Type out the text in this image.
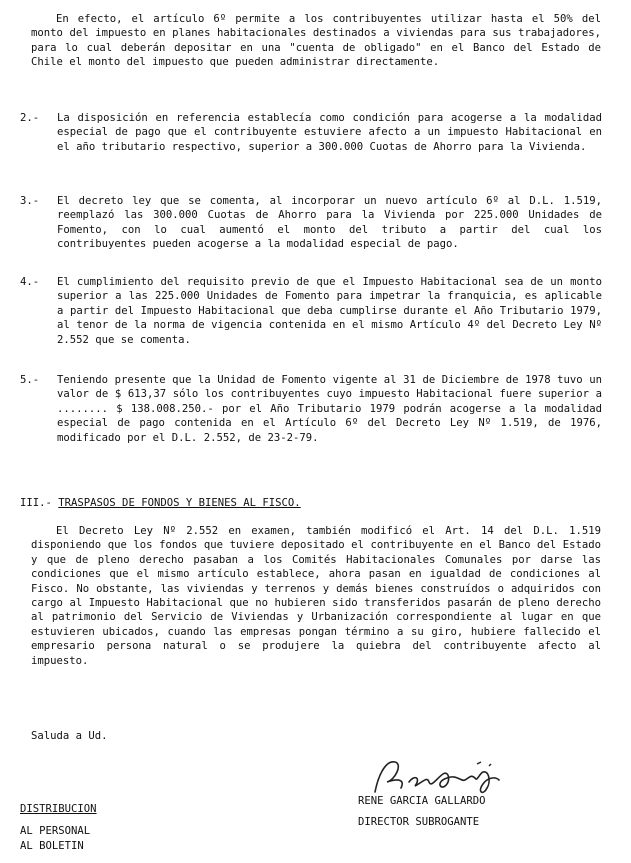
En efecto, el artículo 6º permite a los contribuyentes utilizar hasta el 50% del monto del impuesto en planes habitacionales destinados a viviendas para sus trabajadores, para lo cual deberán depositar en una "cuenta de obligado" en el Banco del Estado de Chile el monto del impuesto que pueden administrar directamente.

2.- La disposición en referencia establecía como condición para acogerse a la modalidad especial de pago que el contribuyente estuviere afecto a un impuesto Habitacional en el año tributario respectivo, superior a 300.000 Cuotas de Ahorro para la Vivienda.

3.- El decreto ley que se comenta, al incorporar un nuevo artículo 6º al D.L. 1.519, reemplazó las 300.000 Cuotas de Ahorro para la Vivienda por 225.000 Unidades de Fomento, con lo cual aumentó el monto del tributo a partir del cual los contribuyentes pueden acogerse a la modalidad especial de pago.

4.- El cumplimiento del requisito previo de que el Impuesto Habitacional sea de un monto superior a las 225.000 Unidades de Fomento para impetrar la franquicia, es aplicable a partir del Impuesto Habitacional que deba cumplirse durante el Año Tributario 1979, al tenor de la norma de vigencia contenida en el mismo Artículo 4º del Decreto Ley Nº 2.552 que se comenta.

5.- Teniendo presente que la Unidad de Fomento vigente al 31 de Diciembre de 1978 tuvo un valor de $ 613,37 sólo los contribuyentes cuyo impuesto Habitacional fuere superior a ........ $ 138.008.250.- por el Año Tributario 1979 podrán acogerse a la modalidad especial de pago contenida en el Artículo 6º del Decreto Ley Nº 1.519, de 1976, modificado por el D.L. 2.552, de 23-2-79.

III.- TRASPASOS DE FONDOS Y BIENES AL FISCO.

El Decreto Ley Nº 2.552 en examen, también modificó el Art. 14 del D.L. 1.519 disponiendo que los fondos que tuviere depositado el contribuyente en el Banco del Estado y que de pleno derecho pasaban a los Comités Habitacionales Comunales por darse las condiciones que el mismo artículo establece, ahora pasan en igualdad de condiciones al Fisco. No obstante, las viviendas y terrenos y demás bienes construídos o adquiridos con cargo al Impuesto Habitacional que no hubieren sido transferidos pasarán de pleno derecho al patrimonio del Servicio de Viviendas y Urbanización correspondiente al lugar en que estuvieren ubicados, cuando las empresas pongan término a su giro, hubiere fallecido el empresario persona natural o se produjere la quiebra del contribuyente afecto al impuesto.

Saluda a Ud.
RENE GARCIA GALLARDO
DIRECTOR SUBROGANTE
DISTRIBUCION
AL PERSONAL
AL BOLETIN
